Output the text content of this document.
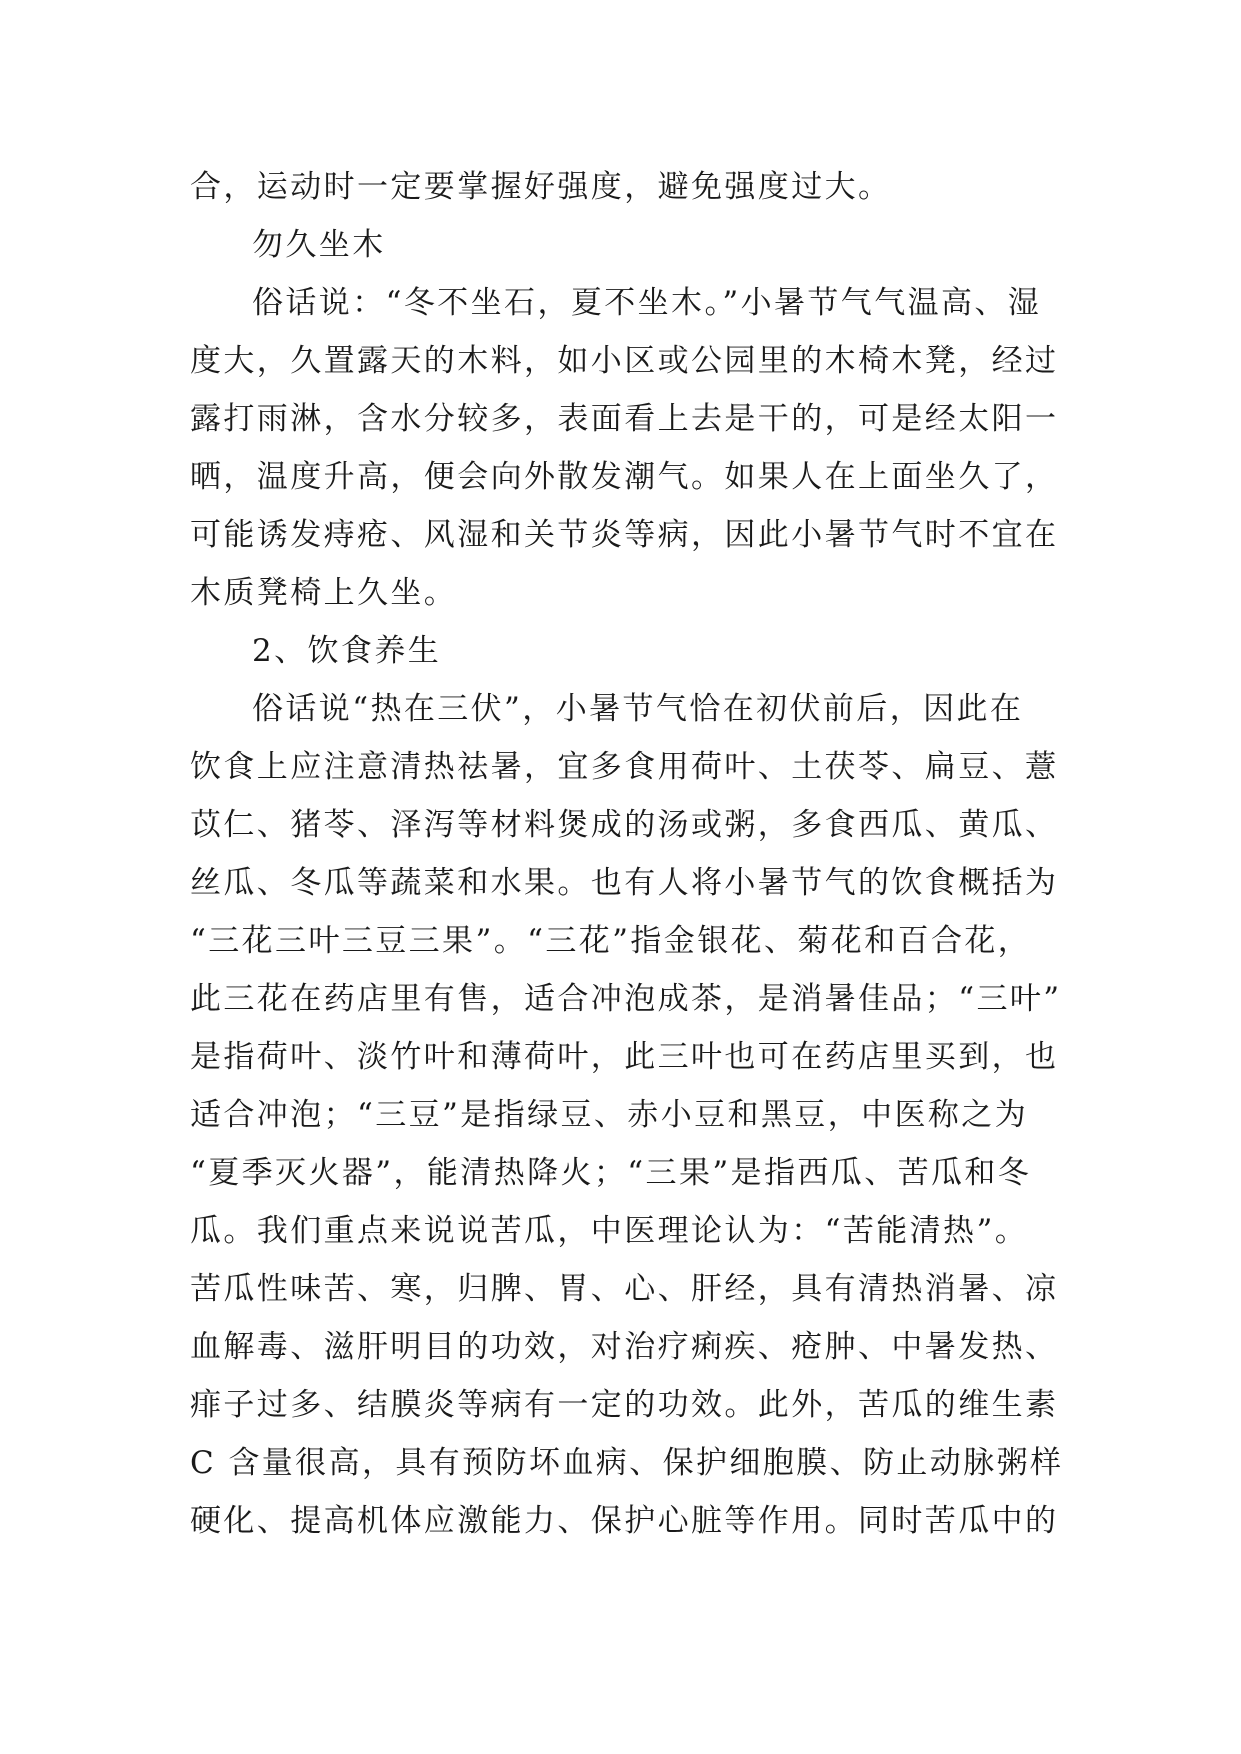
合，运动时一定要掌握好强度，避免强度过大。
勿久坐木
俗话说：“冬不坐石，夏不坐木。”小暑节气气温高、湿
度大，久置露天的木料，如小区或公园里的木椅木凳，经过
露打雨淋，含水分较多，表面看上去是干的，可是经太阳一
晒，温度升高，便会向外散发潮气。如果人在上面坐久了，
可能诱发痔疮、风湿和关节炎等病，因此小暑节气时不宜在
木质凳椅上久坐。
2、饮食养生
俗话说“热在三伏”，小暑节气恰在初伏前后，因此在
饮食上应注意清热祛暑，宜多食用荷叶、土茯苓、扁豆、薏
苡仁、猪苓、泽泻等材料煲成的汤或粥，多食西瓜、黄瓜、
丝瓜、冬瓜等蔬菜和水果。也有人将小暑节气的饮食概括为
“三花三叶三豆三果”。“三花”指金银花、菊花和百合花，
此三花在药店里有售，适合冲泡成茶，是消暑佳品；“三叶”
是指荷叶、淡竹叶和薄荷叶，此三叶也可在药店里买到，也
适合冲泡；“三豆”是指绿豆、赤小豆和黑豆，中医称之为
“夏季灭火器”，能清热降火；“三果”是指西瓜、苦瓜和冬
瓜。我们重点来说说苦瓜，中医理论认为：“苦能清热”。
苦瓜性味苦、寒，归脾、胃、心、肝经，具有清热消暑、凉
血解毒、滋肝明目的功效，对治疗痢疾、疮肿、中暑发热、
痱子过多、结膜炎等病有一定的功效。此外，苦瓜的维生素
C 含量很高，具有预防坏血病、保护细胞膜、防止动脉粥样
硬化、提高机体应激能力、保护心脏等作用。同时苦瓜中的
